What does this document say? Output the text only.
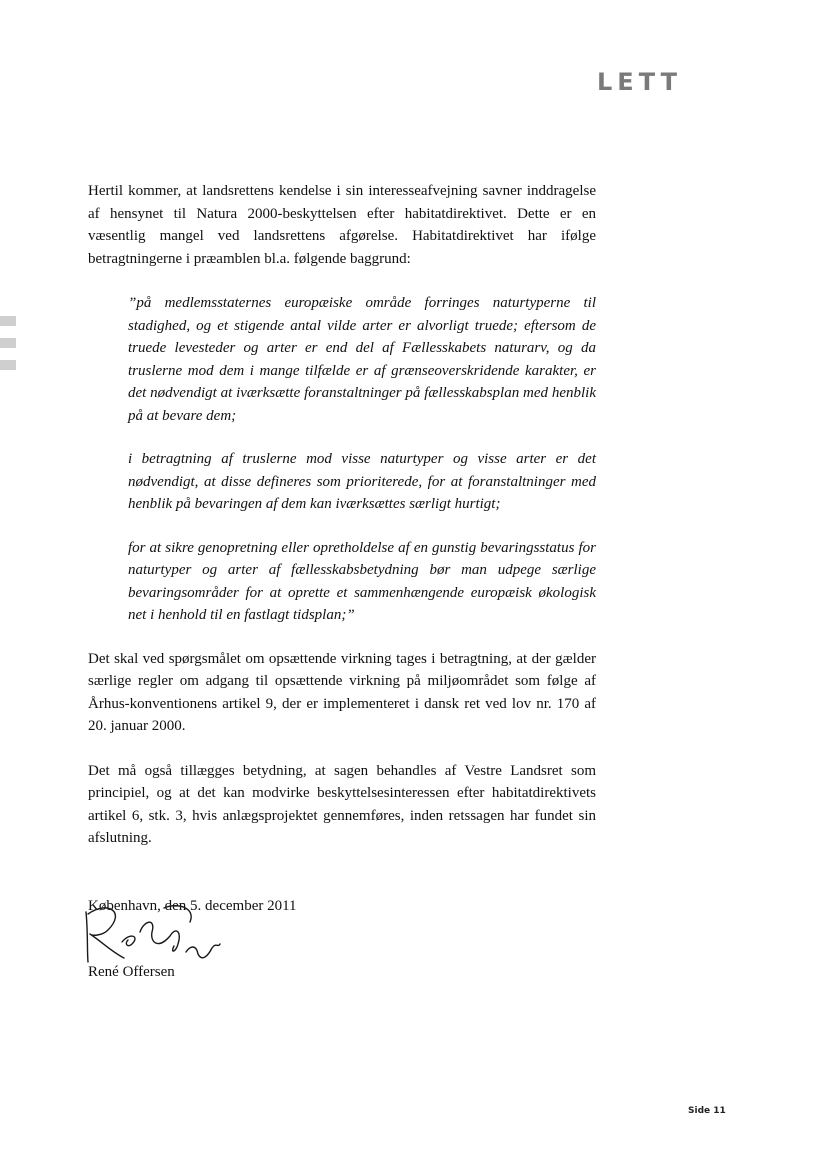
LETT

Hertil kommer, at landsrettens kendelse i sin interesseafvejning savner inddragelse af hensynet til Natura 2000-beskyttelsen efter habitatdirektivet. Dette er en væsentlig mangel ved landsrettens afgørelse. Habitatdirektivet har ifølge betragtningerne i præamblen bl.a. følgende baggrund:

”på medlemsstaternes europæiske område forringes naturtyperne til stadighed, og et stigende antal vilde arter er alvorligt truede; eftersom de truede levesteder og arter er end del af Fællesskabets naturarv, og da truslerne mod dem i mange tilfælde er af grænseoverskridende karakter, er det nødvendigt at iværksætte foranstaltninger på fællesskabsplan med henblik på at bevare dem;

i betragtning af truslerne mod visse naturtyper og visse arter er det nødvendigt, at disse defineres som prioriterede, for at foranstaltninger med henblik på bevaringen af dem kan iværksættes særligt hurtigt;

for at sikre genopretning eller opretholdelse af en gunstig bevaringsstatus for naturtyper og arter af fællesskabsbetydning bør man udpege særlige bevaringsområder for at oprette et sammenhængende europæisk økologisk net i henhold til en fastlagt tidsplan;”

Det skal ved spørgsmålet om opsættende virkning tages i betragtning, at der gælder særlige regler om adgang til opsættende virkning på miljøområdet som følge af Århus-konventionens artikel 9, der er implementeret i dansk ret ved lov nr. 170 af 20. januar 2000.

Det må også tillægges betydning, at sagen behandles af Vestre Landsret som principiel, og at det kan modvirke beskyttelsesinteressen efter habitatdirektivets artikel 6, stk. 3, hvis anlægsprojektet gennemføres, inden retssagen har fundet sin afslutning.

København, den 5. december 2011
René Offersen
Side 11
